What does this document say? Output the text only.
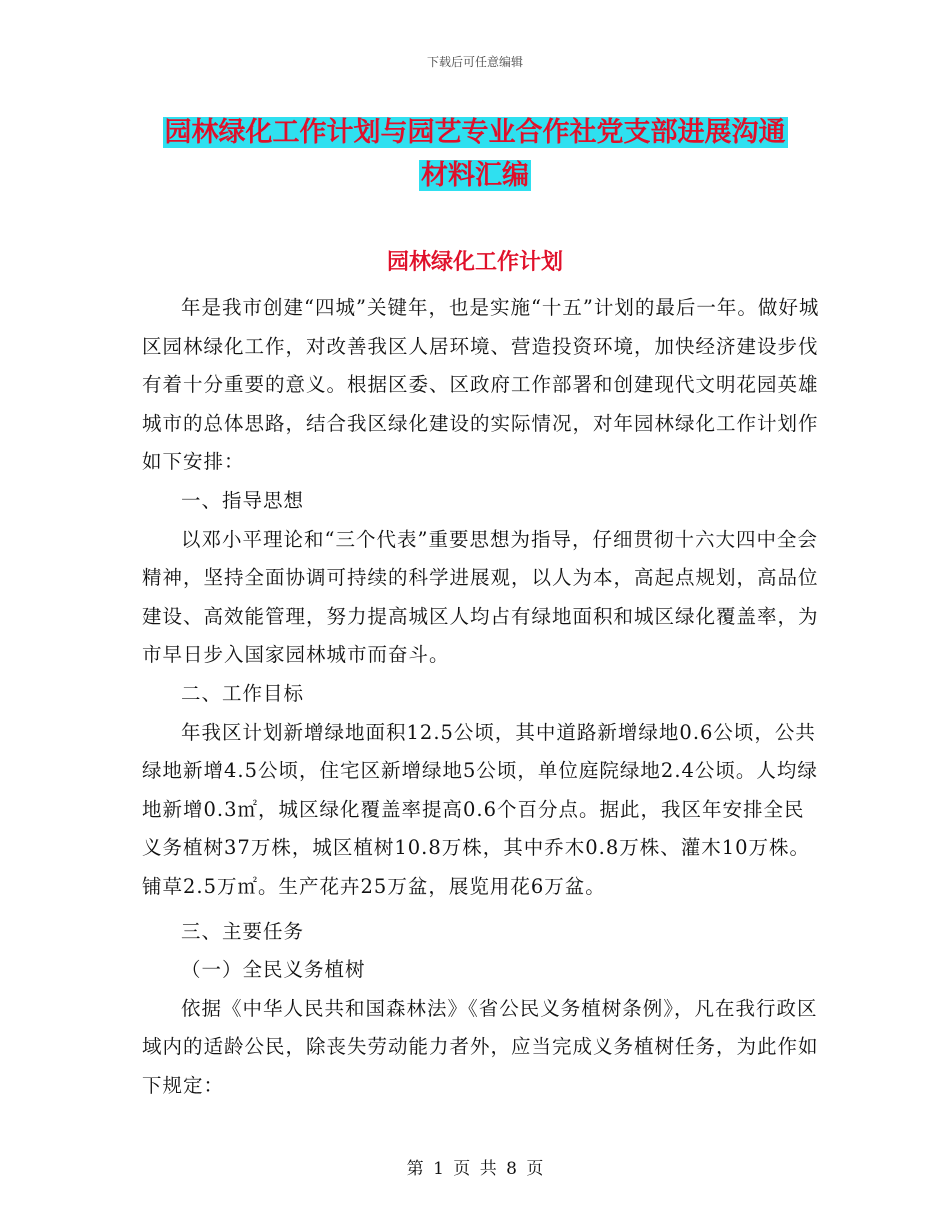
下载后可任意编辑
园林绿化工作计划与园艺专业合作社党支部进展沟通
材料汇编
园林绿化工作计划

年是我市创建“四城”关键年，也是实施“十五”计划的最后一年。做好城区园林绿化工作，对改善我区人居环境、营造投资环境，加快经济建设步伐有着十分重要的意义。根据区委、区政府工作部署和创建现代文明花园英雄城市的总体思路，结合我区绿化建设的实际情况，对年园林绿化工作计划作如下安排：

一、指导思想

以邓小平理论和“三个代表”重要思想为指导，仔细贯彻十六大四中全会精神，坚持全面协调可持续的科学进展观，以人为本，高起点规划，高品位建设、高效能管理，努力提高城区人均占有绿地面积和城区绿化覆盖率，为市早日步入国家园林城市而奋斗。

二、工作目标

年我区计划新增绿地面积12.5公顷，其中道路新增绿地0.6公顷，公共绿地新增4.5公顷，住宅区新增绿地5公顷，单位庭院绿地2.4公顷。人均绿地新增0.3㎡，城区绿化覆盖率提高0.6个百分点。据此，我区年安排全民义务植树37万株，城区植树10.8万株，其中乔木0.8万株、灌木10万株。铺草2.5万㎡。生产花卉25万盆，展览用花6万盆。

三、主要任务

（一）全民义务植树

依据《中华人民共和国森林法》《省公民义务植树条例》，凡在我行政区域内的适龄公民，除丧失劳动能力者外，应当完成义务植树任务，为此作如下规定：

第 1 页 共 8 页
